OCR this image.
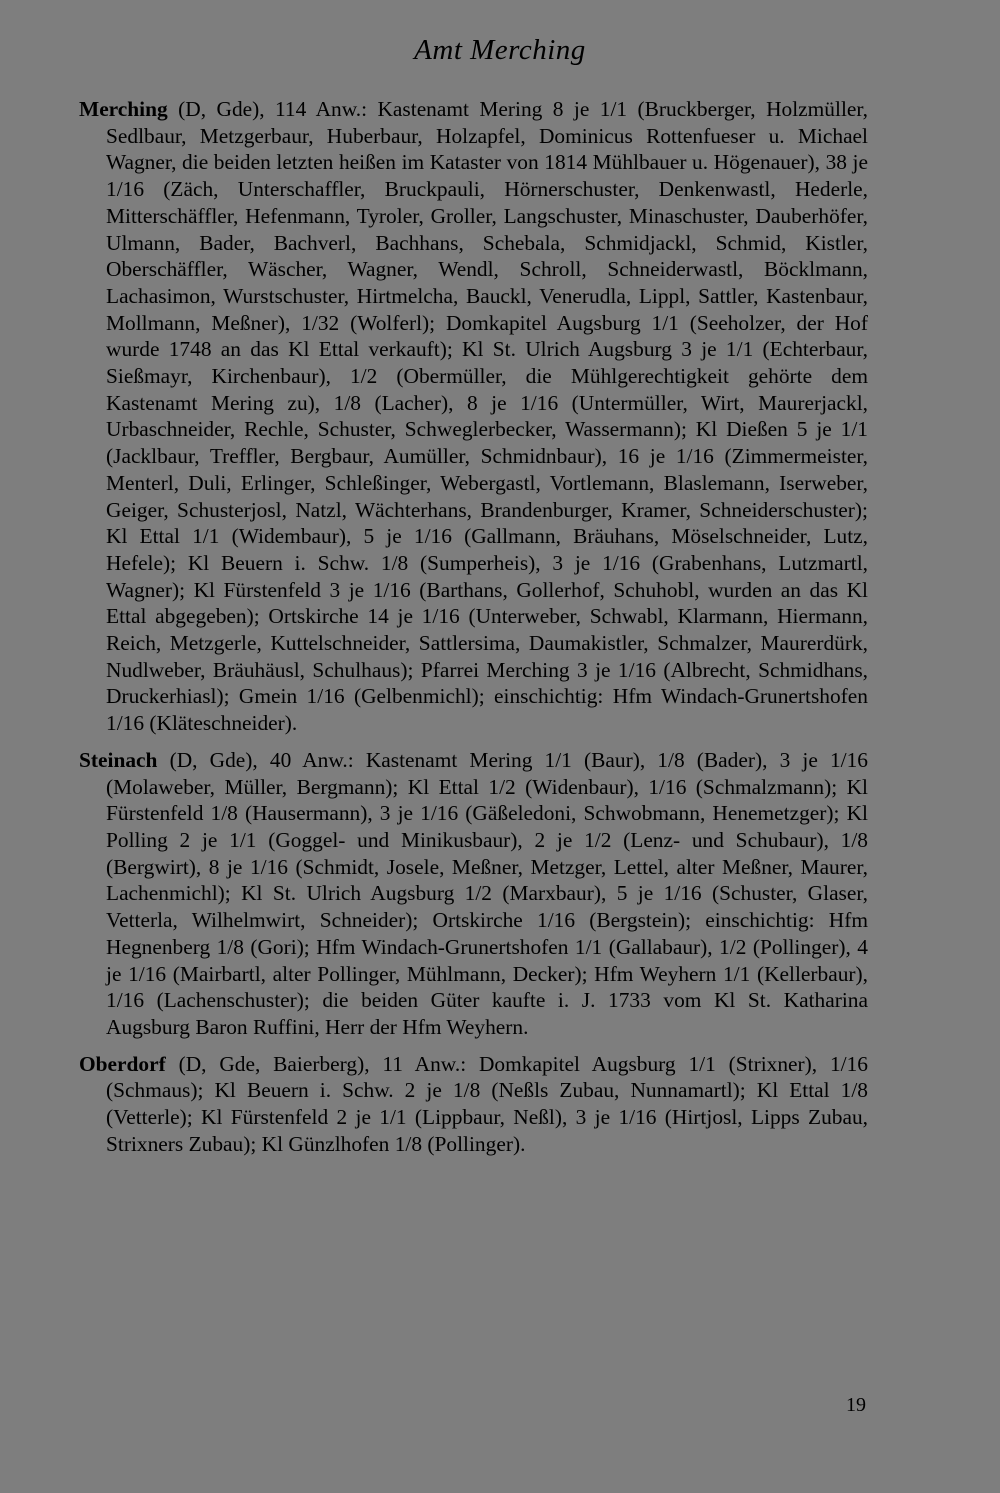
Amt Merching

Merching (D, Gde), 114 Anw.: Kastenamt Mering 8 je 1/1 (Bruckberger, Holzmüller, Sedlbaur, Metzgerbaur, Huberbaur, Holzapfel, Dominicus Rottenfueser u. Michael Wagner, die beiden letzten heißen im Kataster von 1814 Mühlbauer u. Högenauer), 38 je 1/16 (Zäch, Unterschaffler, Bruckpauli, Hörnerschuster, Denkenwastl, Hederle, Mitterschäffler, Hefenmann, Tyroler, Groller, Langschuster, Minaschuster, Dauberhöfer, Ulmann, Bader, Bachverl, Bachhans, Schebala, Schmidjackl, Schmid, Kistler, Oberschäffler, Wäscher, Wagner, Wendl, Schroll, Schneiderwastl, Böcklmann, Lachasimon, Wurstschuster, Hirtmelcha, Bauckl, Venerudla, Lippl, Sattler, Kastenbaur, Mollmann, Meßner), 1/32 (Wolferl); Domkapitel Augsburg 1/1 (Seeholzer, der Hof wurde 1748 an das Kl Ettal verkauft); Kl St. Ulrich Augsburg 3 je 1/1 (Echterbaur, Sießmayr, Kirchenbaur), 1/2 (Obermüller, die Mühlgerechtigkeit gehörte dem Kastenamt Mering zu), 1/8 (Lacher), 8 je 1/16 (Untermüller, Wirt, Maurerjackl, Urbaschneider, Rechle, Schuster, Schweglerbecker, Wassermann); Kl Dießen 5 je 1/1 (Jacklbaur, Treffler, Bergbaur, Aumüller, Schmidnbaur), 16 je 1/16 (Zimmermeister, Menterl, Duli, Erlinger, Schleßinger, Webergastl, Vortlemann, Blaslemann, Iserweber, Geiger, Schusterjosl, Natzl, Wächterhans, Brandenburger, Kramer, Schneiderschuster); Kl Ettal 1/1 (Widembaur), 5 je 1/16 (Gallmann, Bräuhans, Möselschneider, Lutz, Hefele); Kl Beuern i. Schw. 1/8 (Sumperheis), 3 je 1/16 (Grabenhans, Lutzmartl, Wagner); Kl Fürstenfeld 3 je 1/16 (Barthans, Gollerhof, Schuhobl, wurden an das Kl Ettal abgegeben); Ortskirche 14 je 1/16 (Unterweber, Schwabl, Klarmann, Hiermann, Reich, Metzgerle, Kuttelschneider, Sattlersima, Daumakistler, Schmalzer, Maurerdürk, Nudlweber, Bräuhäusl, Schulhaus); Pfarrei Merching 3 je 1/16 (Albrecht, Schmidhans, Druckerhiasl); Gmein 1/16 (Gelbenmichl); einschichtig: Hfm Windach-Grunertshofen 1/16 (Kläteschneider).

Steinach (D, Gde), 40 Anw.: Kastenamt Mering 1/1 (Baur), 1/8 (Bader), 3 je 1/16 (Molaweber, Müller, Bergmann); Kl Ettal 1/2 (Widenbaur), 1/16 (Schmalzmann); Kl Fürstenfeld 1/8 (Hausermann), 3 je 1/16 (Gäßeledoni, Schwobmann, Henemetzger); Kl Polling 2 je 1/1 (Goggel- und Minikusbaur), 2 je 1/2 (Lenz- und Schubaur), 1/8 (Bergwirt), 8 je 1/16 (Schmidt, Josele, Meßner, Metzger, Lettel, alter Meßner, Maurer, Lachenmichl); Kl St. Ulrich Augsburg 1/2 (Marxbaur), 5 je 1/16 (Schuster, Glaser, Vetterla, Wilhelmwirt, Schneider); Ortskirche 1/16 (Bergstein); einschichtig: Hfm Hegnenberg 1/8 (Gori); Hfm Windach-Grunertshofen 1/1 (Gallabaur), 1/2 (Pollinger), 4 je 1/16 (Mairbartl, alter Pollinger, Mühlmann, Decker); Hfm Weyhern 1/1 (Kellerbaur), 1/16 (Lachenschuster); die beiden Güter kaufte i. J. 1733 vom Kl St. Katharina Augsburg Baron Ruffini, Herr der Hfm Weyhern.

Oberdorf (D, Gde, Baierberg), 11 Anw.: Domkapitel Augsburg 1/1 (Strixner), 1/16 (Schmaus); Kl Beuern i. Schw. 2 je 1/8 (Neßls Zubau, Nunnamartl); Kl Ettal 1/8 (Vetterle); Kl Fürstenfeld 2 je 1/1 (Lippbaur, Neßl), 3 je 1/16 (Hirtjosl, Lipps Zubau, Strixners Zubau); Kl Günzlhofen 1/8 (Pollinger).

19
